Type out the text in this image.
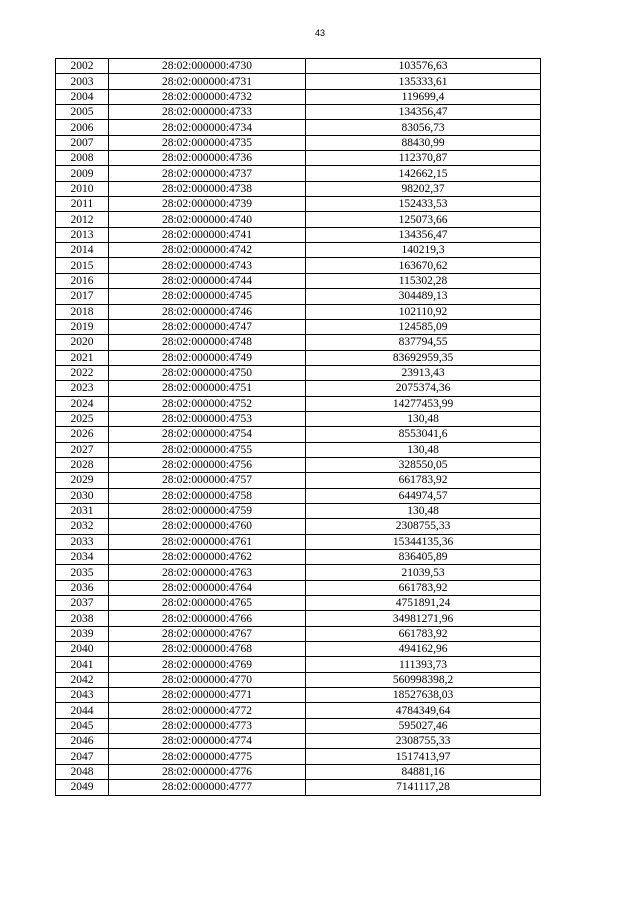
43
2002	28:02:000000:4730	103576,63
2003	28:02:000000:4731	135333,61
2004	28:02:000000:4732	119699,4
2005	28:02:000000:4733	134356,47
2006	28:02:000000:4734	83056,73
2007	28:02:000000:4735	88430,99
2008	28:02:000000:4736	112370,87
2009	28:02:000000:4737	142662,15
2010	28:02:000000:4738	98202,37
2011	28:02:000000:4739	152433,53
2012	28:02:000000:4740	125073,66
2013	28:02:000000:4741	134356,47
2014	28:02:000000:4742	140219,3
2015	28:02:000000:4743	163670,62
2016	28:02:000000:4744	115302,28
2017	28:02:000000:4745	304489,13
2018	28:02:000000:4746	102110,92
2019	28:02:000000:4747	124585,09
2020	28:02:000000:4748	837794,55
2021	28:02:000000:4749	83692959,35
2022	28:02:000000:4750	23913,43
2023	28:02:000000:4751	2075374,36
2024	28:02:000000:4752	14277453,99
2025	28:02:000000:4753	130,48
2026	28:02:000000:4754	8553041,6
2027	28:02:000000:4755	130,48
2028	28:02:000000:4756	328550,05
2029	28:02:000000:4757	661783,92
2030	28:02:000000:4758	644974,57
2031	28:02:000000:4759	130,48
2032	28:02:000000:4760	2308755,33
2033	28:02:000000:4761	15344135,36
2034	28:02:000000:4762	836405,89
2035	28:02:000000:4763	21039,53
2036	28:02:000000:4764	661783,92
2037	28:02:000000:4765	4751891,24
2038	28:02:000000:4766	34981271,96
2039	28:02:000000:4767	661783,92
2040	28:02:000000:4768	494162,96
2041	28:02:000000:4769	111393,73
2042	28:02:000000:4770	560998398,2
2043	28:02:000000:4771	18527638,03
2044	28:02:000000:4772	4784349,64
2045	28:02:000000:4773	595027,46
2046	28:02:000000:4774	2308755,33
2047	28:02:000000:4775	1517413,97
2048	28:02:000000:4776	84881,16
2049	28:02:000000:4777	7141117,28
